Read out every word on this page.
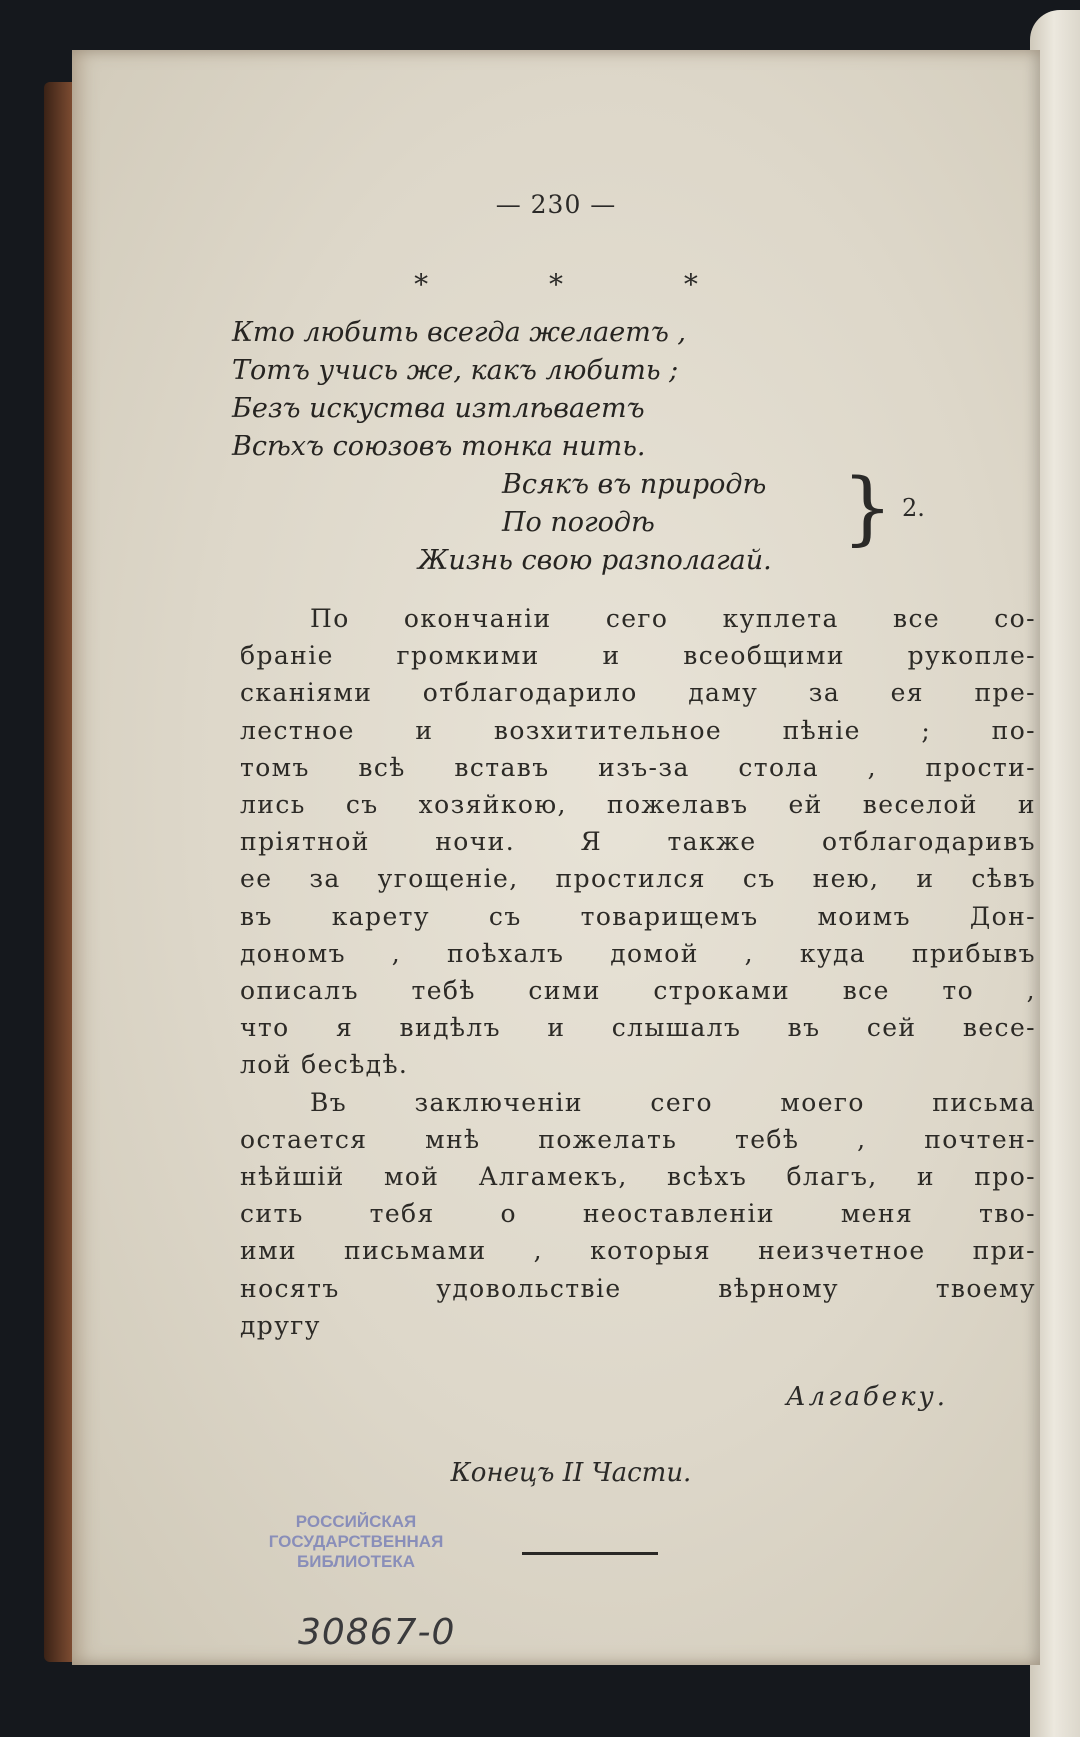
— 230 —
* * *
Кто любить всегда желаетъ ,
Тотъ учись же, какъ любить ;
Безъ искуства изтлѣваетъ
Всѣхъ союзовъ тонка нить.
Всякъ въ природѣ
По погодѣ
Жизнь свою разполагай.
} 2.
По окончанiи сего куплета все со-
бранiе громкими и всеобщими рукопле-
сканiями отблагодарило даму за ея пре-
лестное и возхитительное пѣнiе ; по-
томъ всѣ вставъ изъ-за стола , прости-
лись съ хозяйкою, пожелавъ ей веселой и
прiятной ночи. Я также отблагодаривъ
ее за угощенiе, простился съ нею, и сѣвъ
въ карету съ товарищемъ моимъ Дон-
дономъ , поѣхалъ домой , куда прибывъ
описалъ тебѣ сими строками все то ,
что я видѣлъ и слышалъ въ сей весе-
лой бесѣдѣ.
Въ заключенiи сего моего письма
остается мнѣ пожелать тебѣ , почтен-
нѣйшiй мой Алгамекъ, всѣхъ благъ, и про-
сить тебя о неоставленiи меня тво-
ими письмами , которыя неизчетное при-
носятъ удовольствiе вѣрному твоему
другу
Алгабеку.
Конецъ II Части.
РОССИЙСКАЯ
ГОСУДАРСТВЕННАЯ
БИБЛИОТЕКА
30867-0
